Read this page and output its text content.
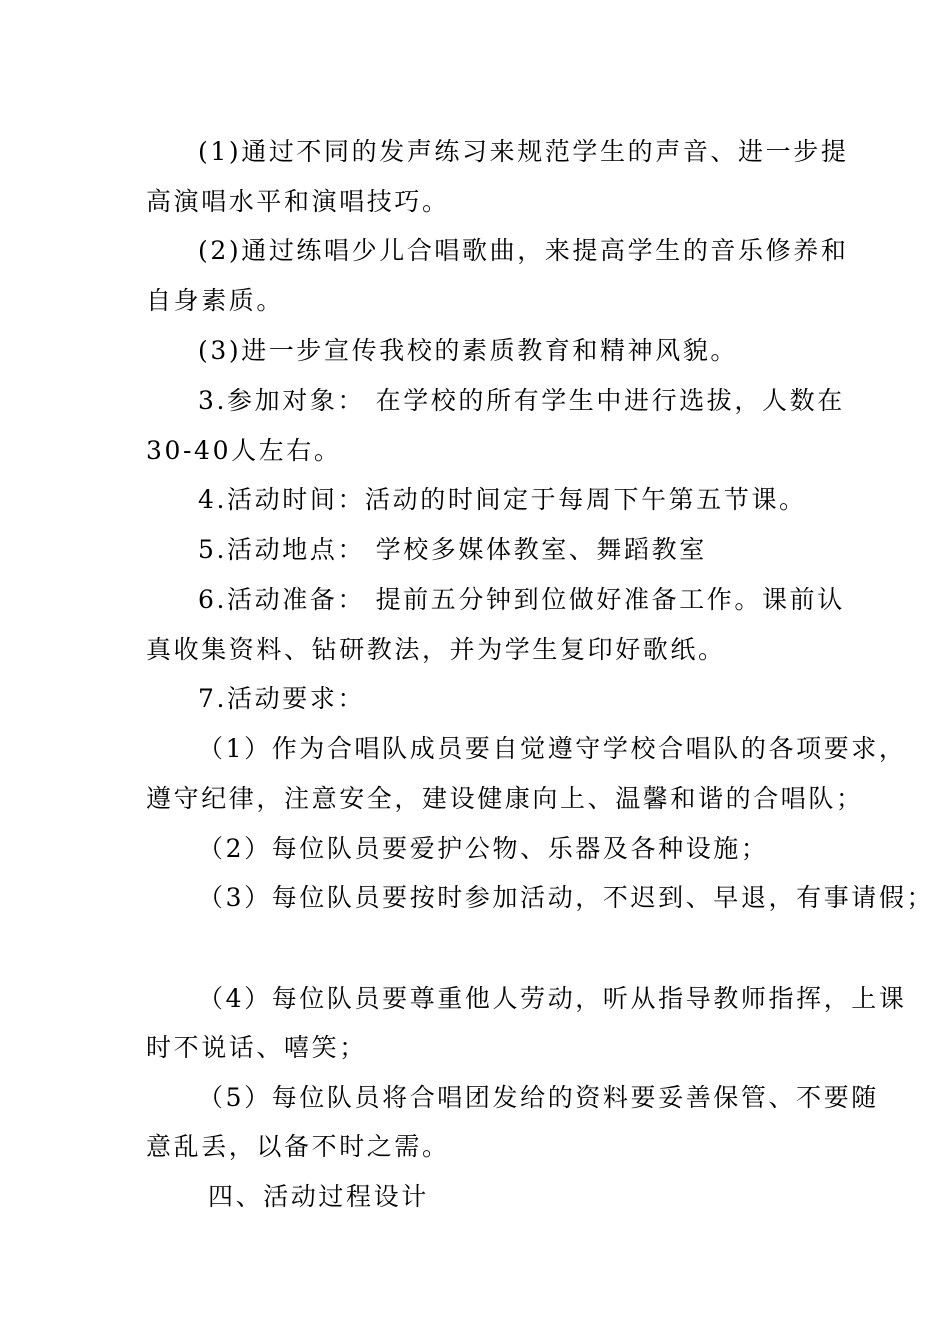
(1)通过不同的发声练习来规范学生的声音、进一步提
高演唱水平和演唱技巧。
(2)通过练唱少儿合唱歌曲，来提高学生的音乐修养和
自身素质。
(3)进一步宣传我校的素质教育和精神风貌。
3.参加对象： 在学校的所有学生中进行选拔，人数在
30-40人左右。
4.活动时间：活动的时间定于每周下午第五节课。
5.活动地点： 学校多媒体教室、舞蹈教室
6.活动准备： 提前五分钟到位做好准备工作。课前认
真收集资料、钻研教法，并为学生复印好歌纸。
7.活动要求：
（1）作为合唱队成员要自觉遵守学校合唱队的各项要求，
遵守纪律，注意安全，建设健康向上、温馨和谐的合唱队；
（2）每位队员要爱护公物、乐器及各种设施；
（3）每位队员要按时参加活动，不迟到、早退，有事请假；
（4）每位队员要尊重他人劳动，听从指导教师指挥，上课
时不说话、嘻笑；
（5）每位队员将合唱团发给的资料要妥善保管、不要随
意乱丢，以备不时之需。
四、活动过程设计
